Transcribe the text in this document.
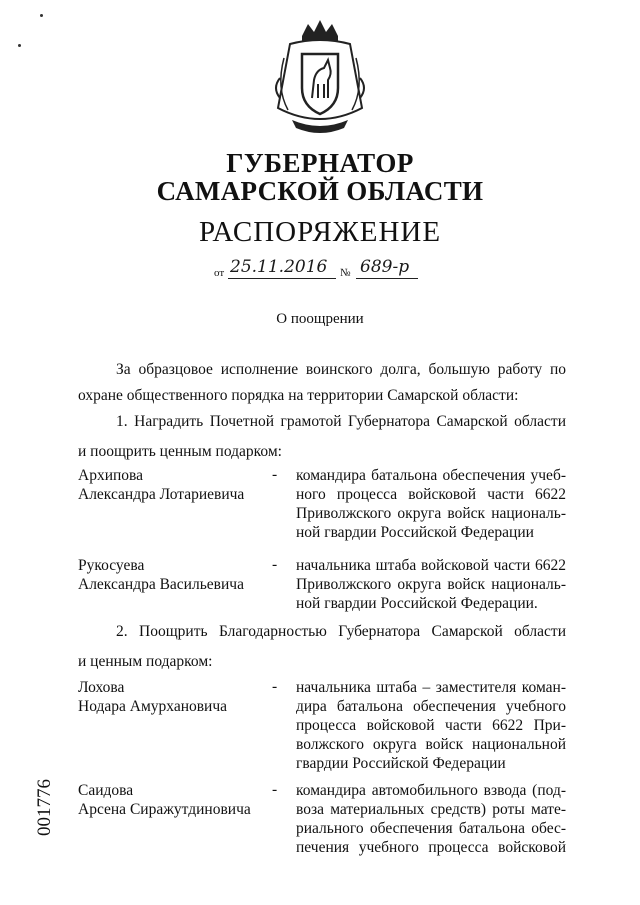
ГУБЕРНАТОР
САМАРСКОЙ ОБЛАСТИ
РАСПОРЯЖЕНИЕ
от 25.11.2016 № 689-р
О поощрении
За образцовое исполнение воинского долга, большую работу по
охране общественного порядка на территории Самарской области:
1. Наградить Почетной грамотой Губернатора Самарской области
и поощрить ценным подарком:
Архипова
Александра Лотариевича
- командира батальона обеспечения учеб-
ного процесса войсковой части 6622
Приволжского округа войск националь-
ной гвардии Российской Федерации
Рукосуева
Александра Васильевича
- начальника штаба войсковой части 6622
Приволжского округа войск националь-
ной гвардии Российской Федерации.
2. Поощрить Благодарностью Губернатора Самарской области
и ценным подарком:
Лохова
Нодара Амурхановича
- начальника штаба – заместителя коман-
дира батальона обеспечения учебного
процесса войсковой части 6622 При-
волжского округа войск национальной
гвардии Российской Федерации
Саидова
Арсена Сиражутдиновича
- командира автомобильного взвода (под-
воза материальных средств) роты мате-
риального обеспечения батальона обес-
печения учебного процесса войсковой
001776
